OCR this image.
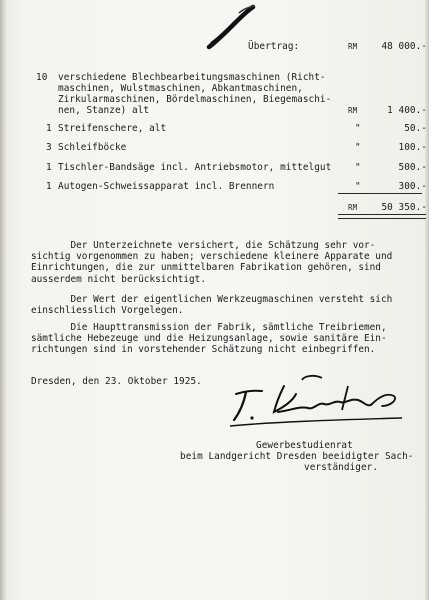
Übertrag:	RM	48 000.-
10 verschiedene Blechbearbeitungsmaschinen (Richt-
maschinen, Wulstmaschinen, Abkantmaschinen,
Zirkularmaschinen, Bördelmaschinen, Biegemaschi-
nen, Stanze) alt	RM	1 400.-
1 Streifenschere, alt	"	50.-
3 Schleifböcke	"	100.-
1 Tischler-Bandsäge incl. Antriebsmotor, mittelgut	"	500.-
1 Autogen-Schweissapparat incl. Brennern	"	300.-
RM	50 350.-
Der Unterzeichnete versichert, die Schätzung sehr vor-
sichtig vorgenommen zu haben; verschiedene kleinere Apparate und
Einrichtungen, die zur unmittelbaren Fabrikation gehören, sind
ausserdem nicht berücksichtigt.
Der Wert der eigentlichen Werkzeugmaschinen versteht sich
einschliesslich Vorgelegen.
Die Haupttransmission der Fabrik, sämtliche Treibriemen,
sämtliche Hebezeuge und die Heizungsanlage, sowie sanitäre Ein-
richtungen sind in vorstehender Schätzung nicht einbegriffen.
Dresden, den 23. Oktober 1925.
Gewerbestudienrat
beim Landgericht Dresden beeidigter Sach-
verständiger.
